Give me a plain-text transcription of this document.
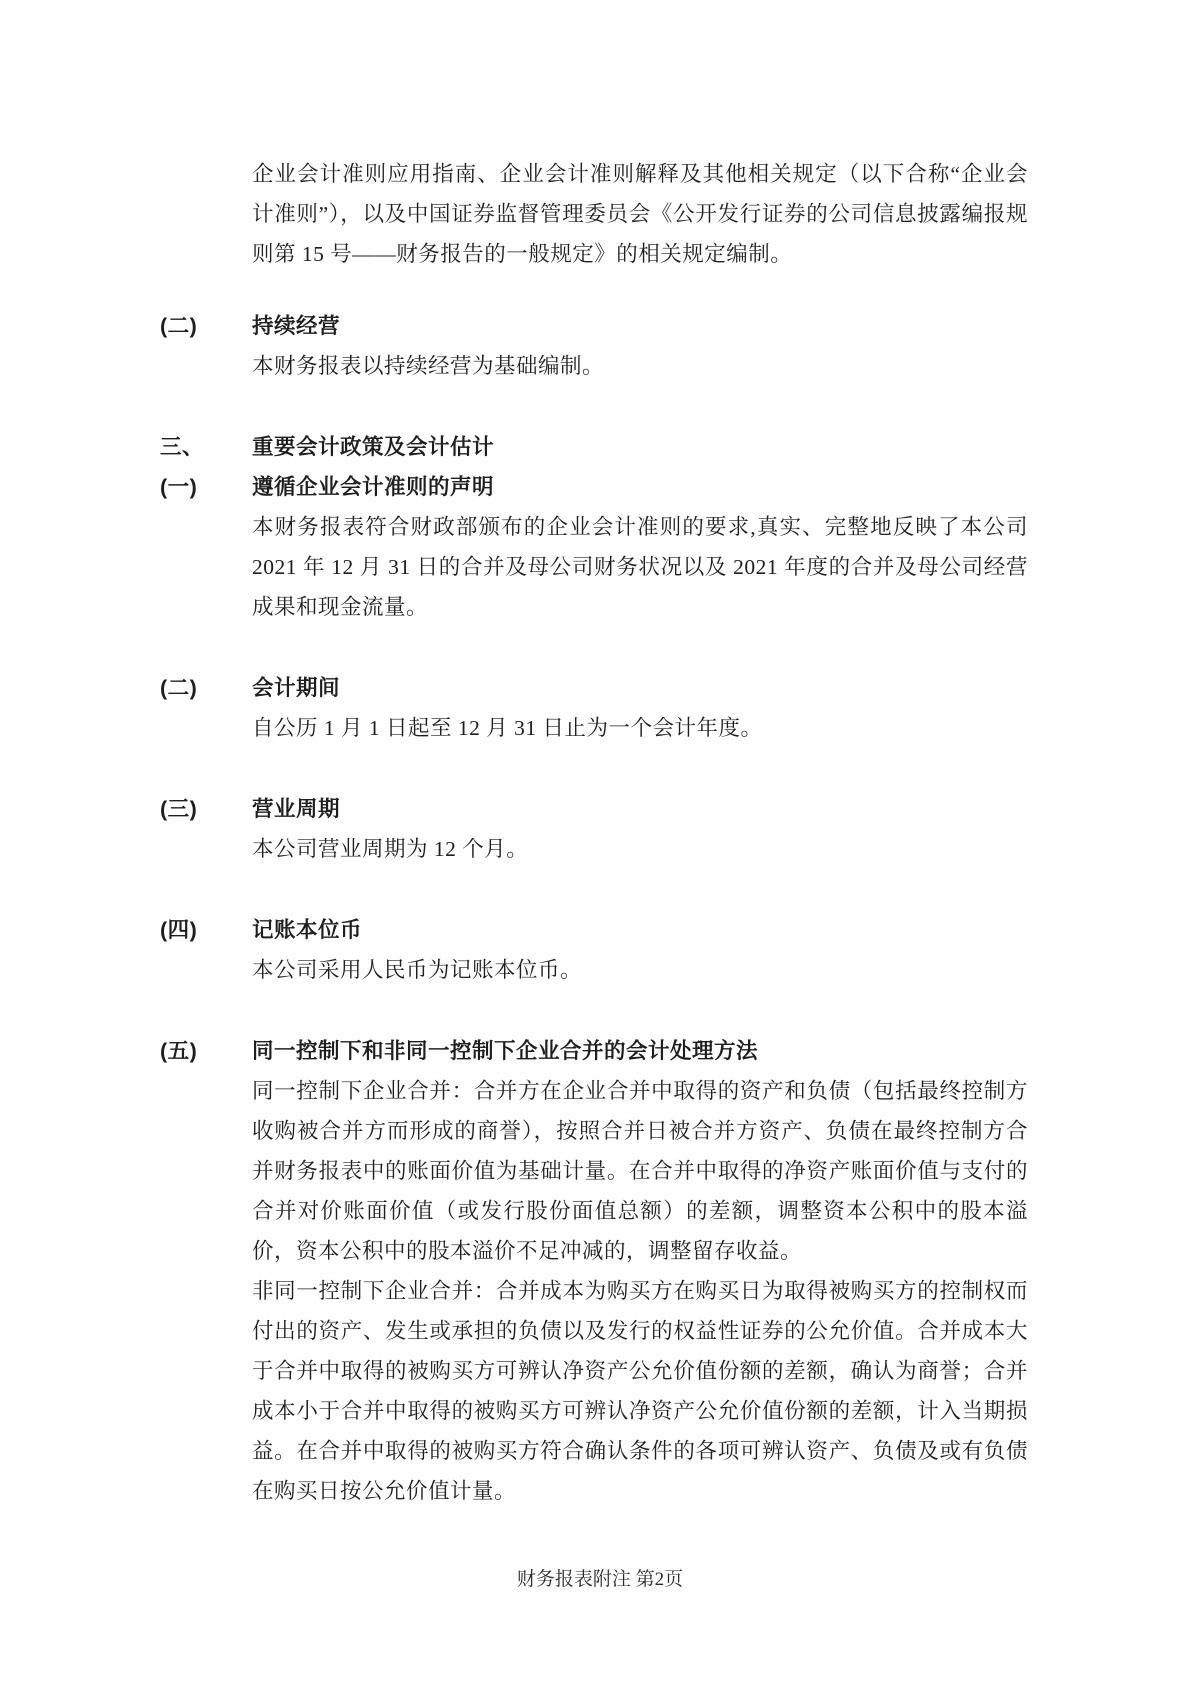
企业会计准则应用指南、企业会计准则解释及其他相关规定（以下合称“企业会计准则”），以及中国证券监督管理委员会《公开发行证券的公司信息披露编报规则第 15 号——财务报告的一般规定》的相关规定编制。

(二)	持续经营

本财务报表以持续经营为基础编制。

三、	重要会计政策及会计估计
(一)	遵循企业会计准则的声明

本财务报表符合财政部颁布的企业会计准则的要求,真实、完整地反映了本公司 2021 年 12 月 31 日的合并及母公司财务状况以及 2021 年度的合并及母公司经营成果和现金流量。

(二)	会计期间

自公历 1 月 1 日起至 12 月 31 日止为一个会计年度。

(三)	营业周期

本公司营业周期为 12 个月。

(四)	记账本位币

本公司采用人民币为记账本位币。

(五)	同一控制下和非同一控制下企业合并的会计处理方法

同一控制下企业合并：合并方在企业合并中取得的资产和负债（包括最终控制方收购被合并方而形成的商誉），按照合并日被合并方资产、负债在最终控制方合并财务报表中的账面价值为基础计量。在合并中取得的净资产账面价值与支付的合并对价账面价值（或发行股份面值总额）的差额，调整资本公积中的股本溢价，资本公积中的股本溢价不足冲减的，调整留存收益。

非同一控制下企业合并：合并成本为购买方在购买日为取得被购买方的控制权而付出的资产、发生或承担的负债以及发行的权益性证券的公允价值。合并成本大于合并中取得的被购买方可辨认净资产公允价值份额的差额，确认为商誉；合并成本小于合并中取得的被购买方可辨认净资产公允价值份额的差额，计入当期损益。在合并中取得的被购买方符合确认条件的各项可辨认资产、负债及或有负债在购买日按公允价值计量。

财务报表附注 第2页
